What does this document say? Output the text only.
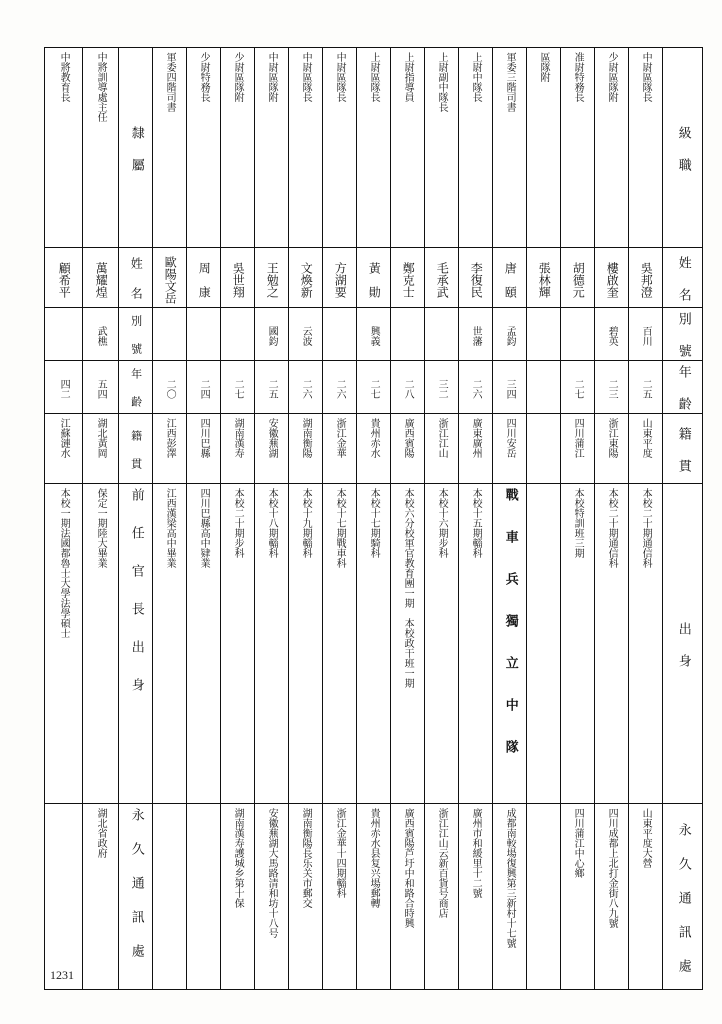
中將教育長	中將訓導處主任	隸　屬	軍委四階司書	少尉特務長	少尉區隊附	中尉區隊附	中尉區隊長	中尉區隊長	上尉區隊長	上尉指導員	上尉副中隊長	上尉中隊長	軍委三階司書	區隊附	准尉特務長	少尉區隊附	中尉區隊長	級　職

顧希平	萬耀煌	姓　名	歐陽文岳	周　康	吳世翔	王勉之	文煥新	方湖要	黃　勛	鄭克士	毛承武	李復民	唐　頤	張林輝	胡德元	樓啟奎	吳邦澄	姓　名

	武樵	別　號				國鈞	云波		興義			世藩	孟鈞			碧英	百川	別　號

四二	五四	年　齡	二〇	二四	二七	二五	二六	二六	二七	二八	三二	二六	三四		二七	二三	二五	年　齡

江蘇漣水	湖北黃岡	籍　貫	江西彭澤	四川巴縣	湖南漢寿	安徽蕪湖	湖南衡陽	浙江金華	貴州赤水	廣西賓陽	浙江江山	廣東廣州	四川安岳		四川蒲江	浙江東陽	山東平度	籍　貫

本校一期法國都魯士大學法學碩士	保定一期陸大畢業	前　任　官　長　出　身	江西漢梁高中畢業	四川巴縣高中肄業	本校二十期步科	本校十八期輜科	本校十九期輜科	本校十七期戰車科	本校十七期騎科	本校六分校軍官教育團一期　本校政干班一期	本校十六期步科	本校十五期輜科	戰　車　兵　獨　立　中　隊		本校特訓班三期	本校二十期通信科	本校二十期通信科	出　身

	湖北省政府	永 久 通 訊 處			湖南漢寿護城乡第十保	安徽蕪湖大馬路清和坊十八号	湖南衡陽長乐关市郵交	浙江金華十四期輜科	貴州赤水县复兴場郵轉	廣西賓陽芦圩中和路合時興	浙江江山云新百貨号商店	廣州市和緩里十二號	成都南較場復興第三新村十七號		四川蒲江中心鄉	四川成都上北打金街八九號	山東平度大營	永 久 通 訊 處
1231
